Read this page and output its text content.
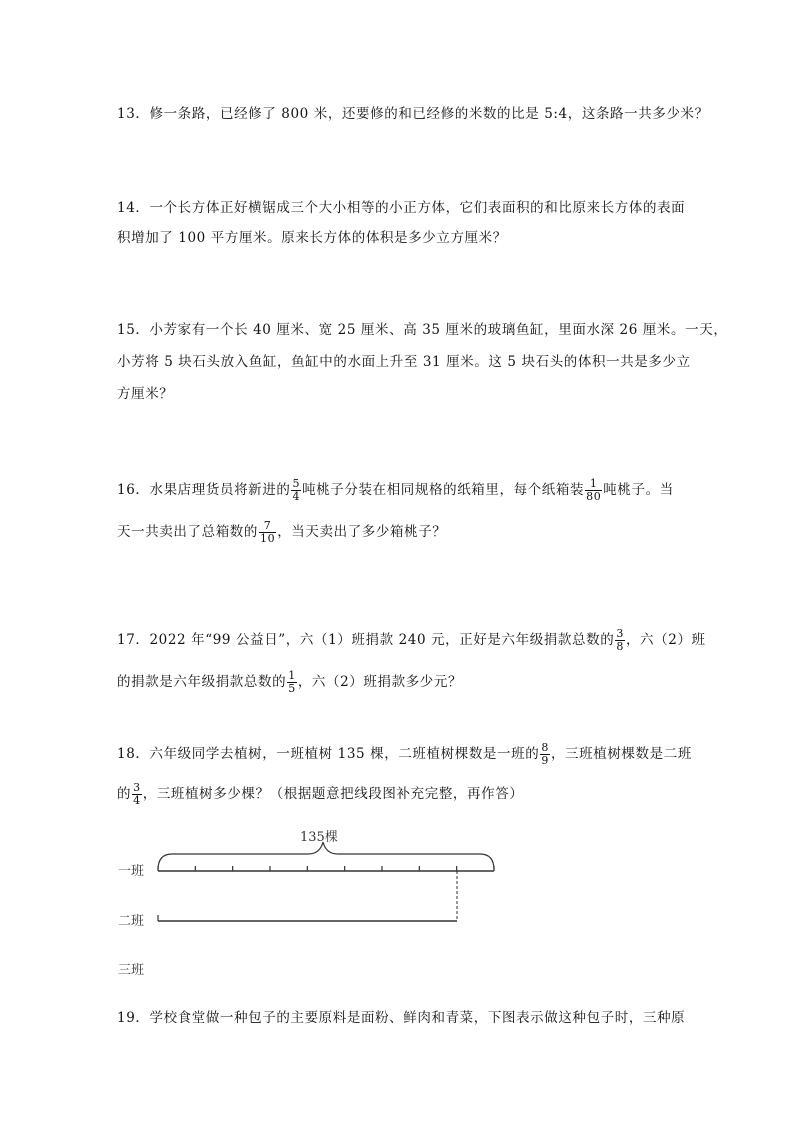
13．修一条路，已经修了 800 米，还要修的和已经修的米数的比是 5:4，这条路一共多少米？
14．一个长方体正好横锯成三个大小相等的小正方体，它们表面积的和比原来长方体的表面
积增加了 100 平方厘米。原来长方体的体积是多少立方厘米？
15．小芳家有一个长 40 厘米、宽 25 厘米、高 35 厘米的玻璃鱼缸，里面水深 26 厘米。一天，
小芳将 5 块石头放入鱼缸，鱼缸中的水面上升至 31 厘米。这 5 块石头的体积一共是多少立
方厘米？
16．水果店理货员将新进的 $\frac{5}{4}$ 吨桃子分装在相同规格的纸箱里，每个纸箱装 $\frac{1}{80}$ 吨桃子。当
天一共卖出了总箱数的 $\frac{7}{10}$ ，当天卖出了多少箱桃子？
17．2022 年“99 公益日”，六（1）班捐款 240 元，正好是六年级捐款总数的 $\frac{3}{8}$ ，六（2）班
的捐款是六年级捐款总数的 $\frac{1}{5}$ ，六（2）班捐款多少元？
18．六年级同学去植树，一班植树 135 棵，二班植树棵数是一班的 $\frac{8}{9}$ ，三班植树棵数是二班
的 $\frac{3}{4}$ ，三班植树多少棵？（根据题意把线段图补充完整，再作答）
135棵
一班
二班
三班
19．学校食堂做一种包子的主要原料是面粉、鲜肉和青菜，下图表示做这种包子时，三种原
